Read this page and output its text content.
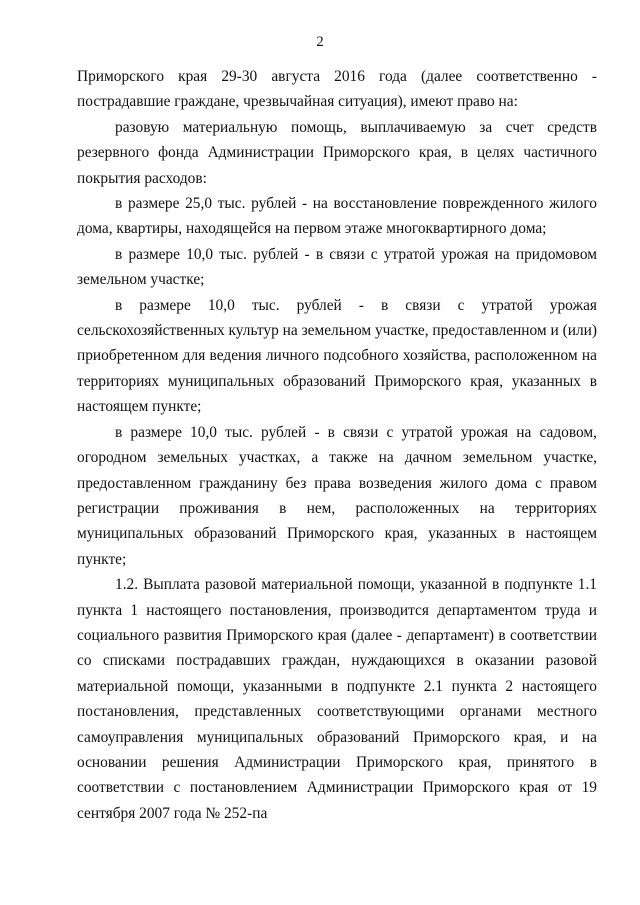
2

Приморского края 29-30 августа 2016 года (далее соответственно - пострадавшие граждане, чрезвычайная ситуация), имеют право на:

разовую материальную помощь, выплачиваемую за счет средств резервного фонда Администрации Приморского края, в целях частичного покрытия расходов:

в размере 25,0 тыс. рублей - на восстановление поврежденного жилого дома, квартиры, находящейся на первом этаже многоквартирного дома;

в размере 10,0 тыс. рублей - в связи с утратой урожая на придомовом земельном участке;

в размере 10,0 тыс. рублей - в связи с утратой урожая сельскохозяйственных культур на земельном участке, предоставленном и (или) приобретенном для ведения личного подсобного хозяйства, расположенном на территориях муниципальных образований Приморского края, указанных в настоящем пункте;

в размере 10,0 тыс. рублей - в связи с утратой урожая на садовом, огородном земельных участках, а также на дачном земельном участке, предоставленном гражданину без права возведения жилого дома с правом регистрации проживания в нем, расположенных на территориях муниципальных образований Приморского края, указанных в настоящем пункте;

1.2. Выплата разовой материальной помощи, указанной в подпункте 1.1 пункта 1 настоящего постановления, производится департаментом труда и социального развития Приморского края (далее - департамент) в соответствии со списками пострадавших граждан, нуждающихся в оказании разовой материальной помощи, указанными в подпункте 2.1 пункта 2 настоящего постановления, представленных соответствующими органами местного самоуправления муниципальных образований Приморского края, и на основании решения Администрации Приморского края, принятого в соответствии с постановлением Администрации Приморского края от 19 сентября 2007 года № 252-па
